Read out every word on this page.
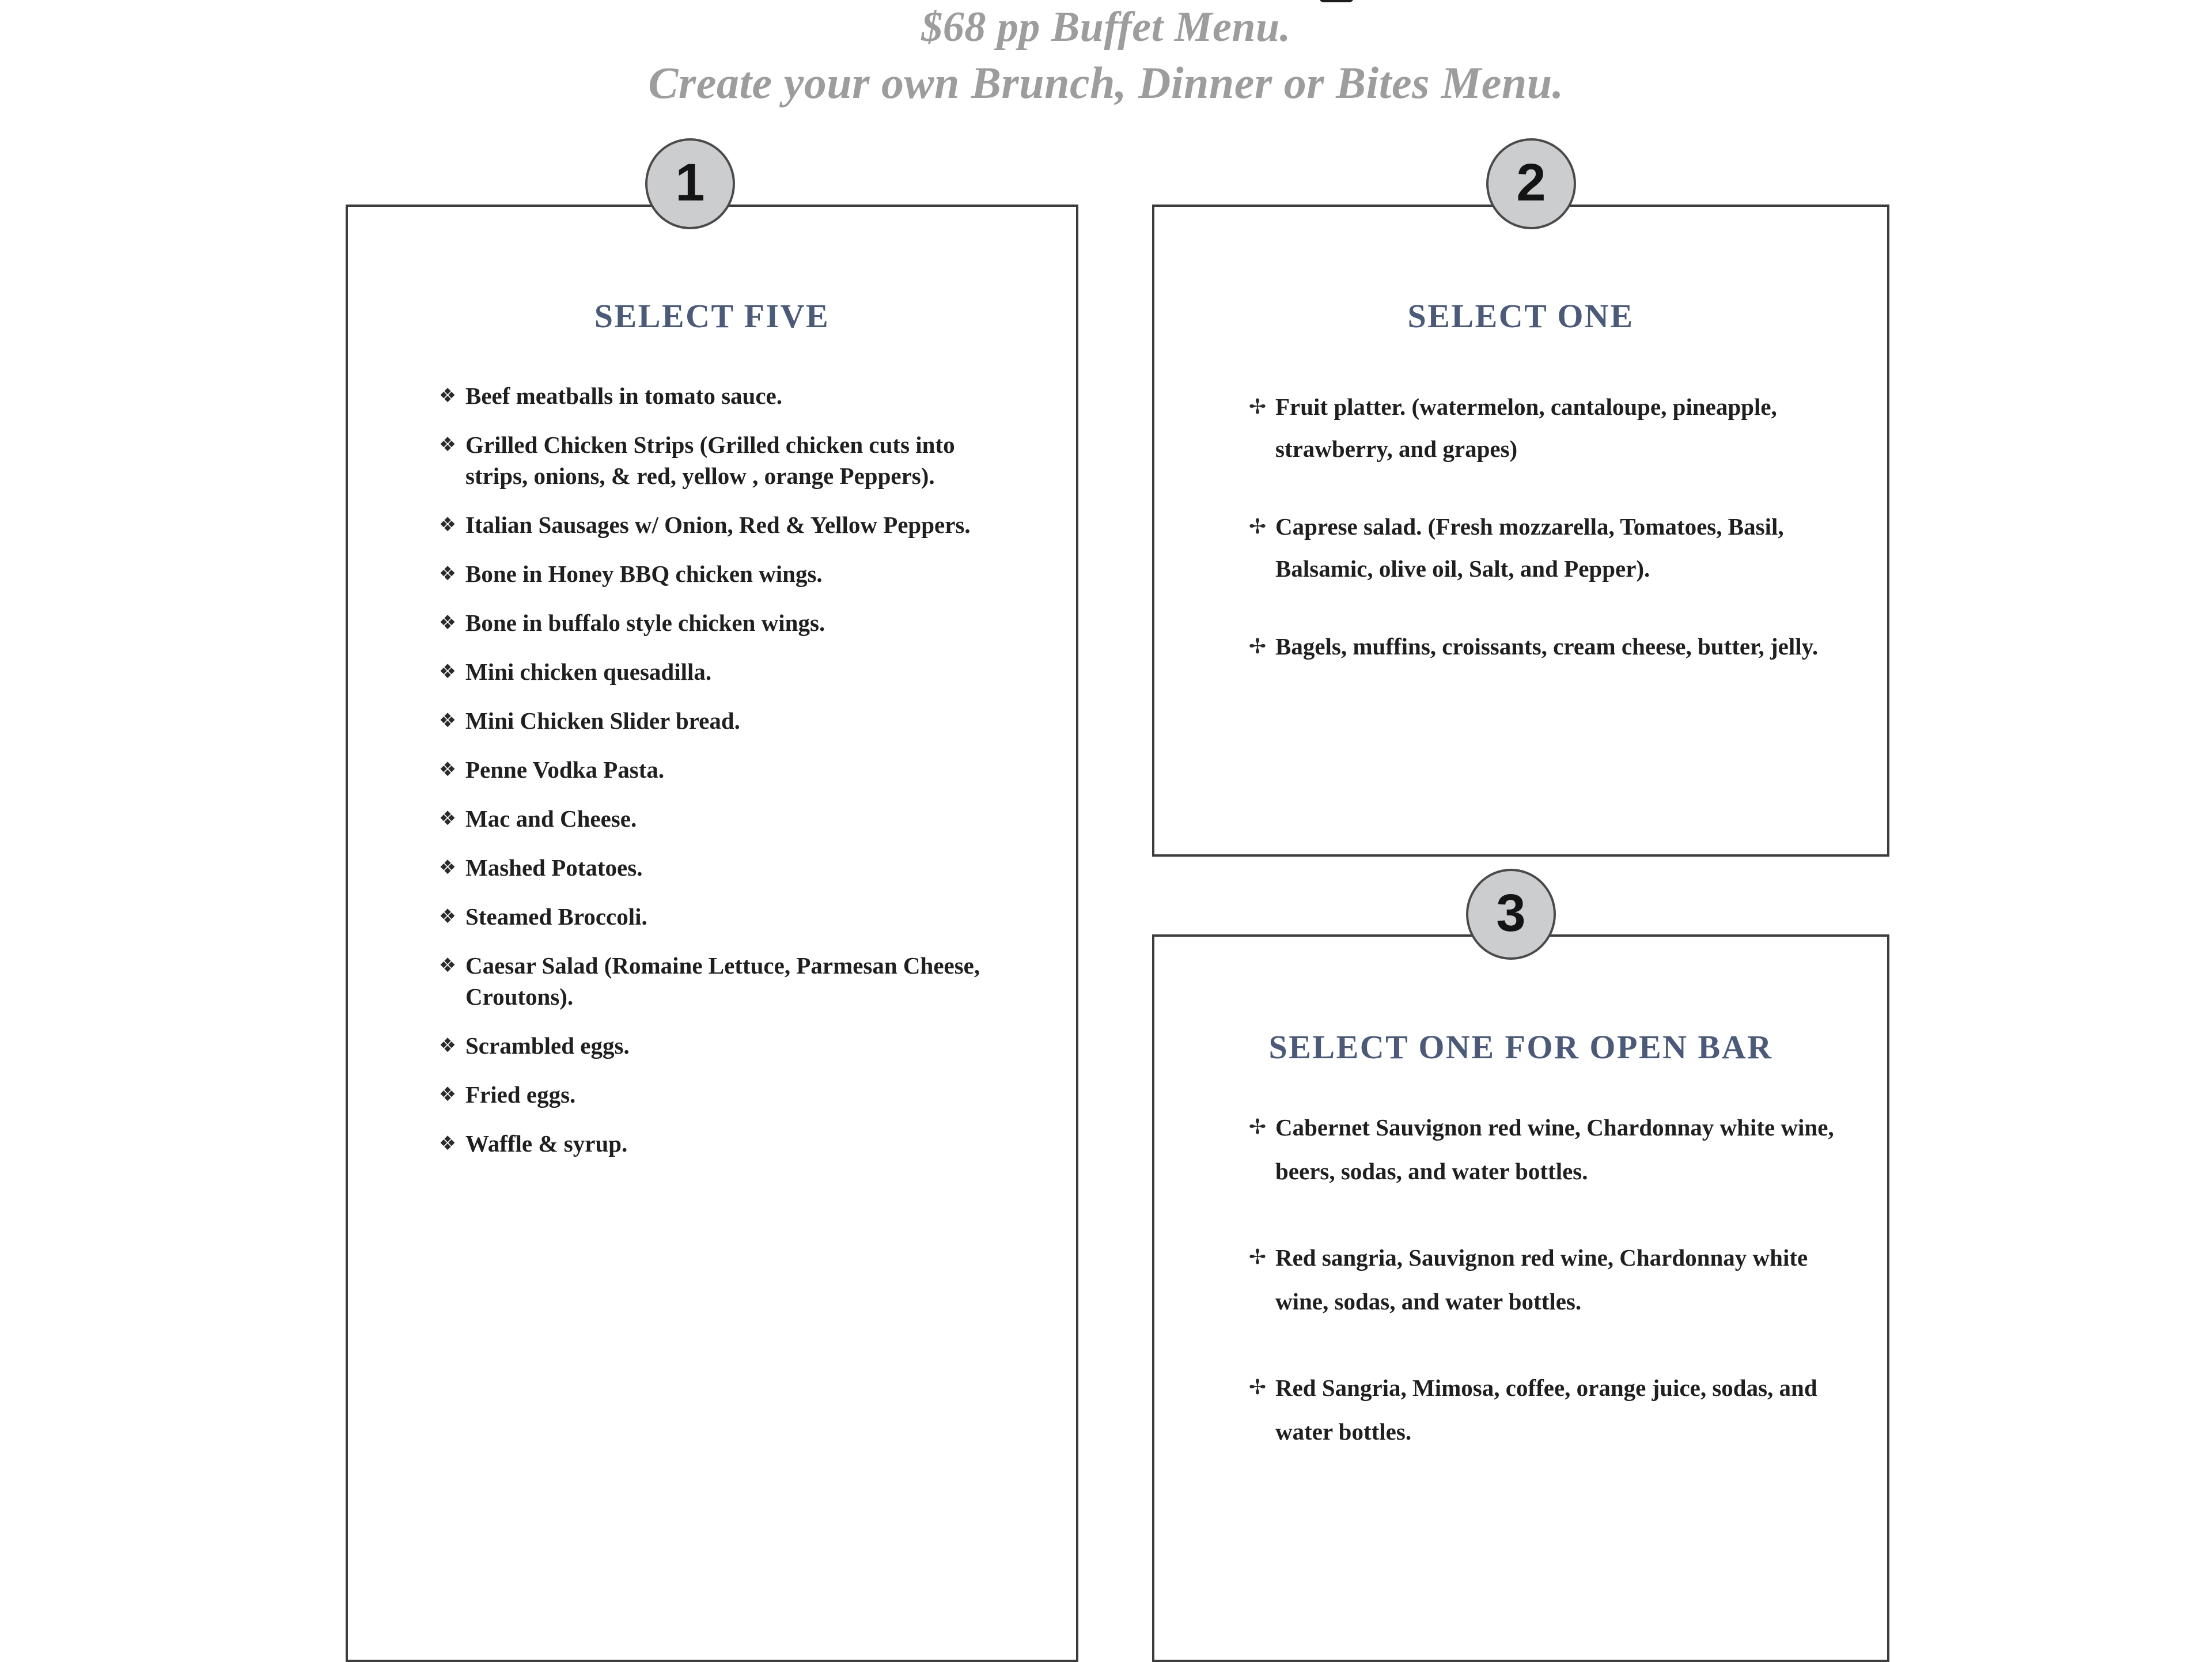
$68 pp Buffet Menu.
Create your own Brunch, Dinner or Bites Menu.
1	2
3
SELECT FIVE
❖ Beef meatballs in tomato sauce.
❖ Grilled Chicken Strips (Grilled chicken cuts into strips, onions, & red, yellow , orange Peppers).
❖ Italian Sausages w/ Onion, Red & Yellow Peppers.
❖ Bone in Honey BBQ chicken wings.
❖ Bone in buffalo style chicken wings.
❖ Mini chicken quesadilla.
❖ Mini Chicken Slider bread.
❖ Penne Vodka Pasta.
❖ Mac and Cheese.
❖ Mashed Potatoes.
❖ Steamed Broccoli.
❖ Caesar Salad (Romaine Lettuce, Parmesan Cheese, Croutons).
❖ Scrambled eggs.
❖ Fried eggs.
❖ Waffle & syrup.
SELECT ONE
✢ Fruit platter. (watermelon, cantaloupe, pineapple, strawberry, and grapes)
✢ Caprese salad. (Fresh mozzarella, Tomatoes, Basil, Balsamic, olive oil, Salt, and Pepper).
✢ Bagels, muffins, croissants, cream cheese, butter, jelly.
SELECT ONE FOR OPEN BAR
✢ Cabernet Sauvignon red wine, Chardonnay white wine, beers, sodas, and water bottles.
✢ Red sangria, Sauvignon red wine, Chardonnay white wine, sodas, and water bottles.
✢ Red Sangria, Mimosa, coffee, orange juice, sodas, and water bottles.
